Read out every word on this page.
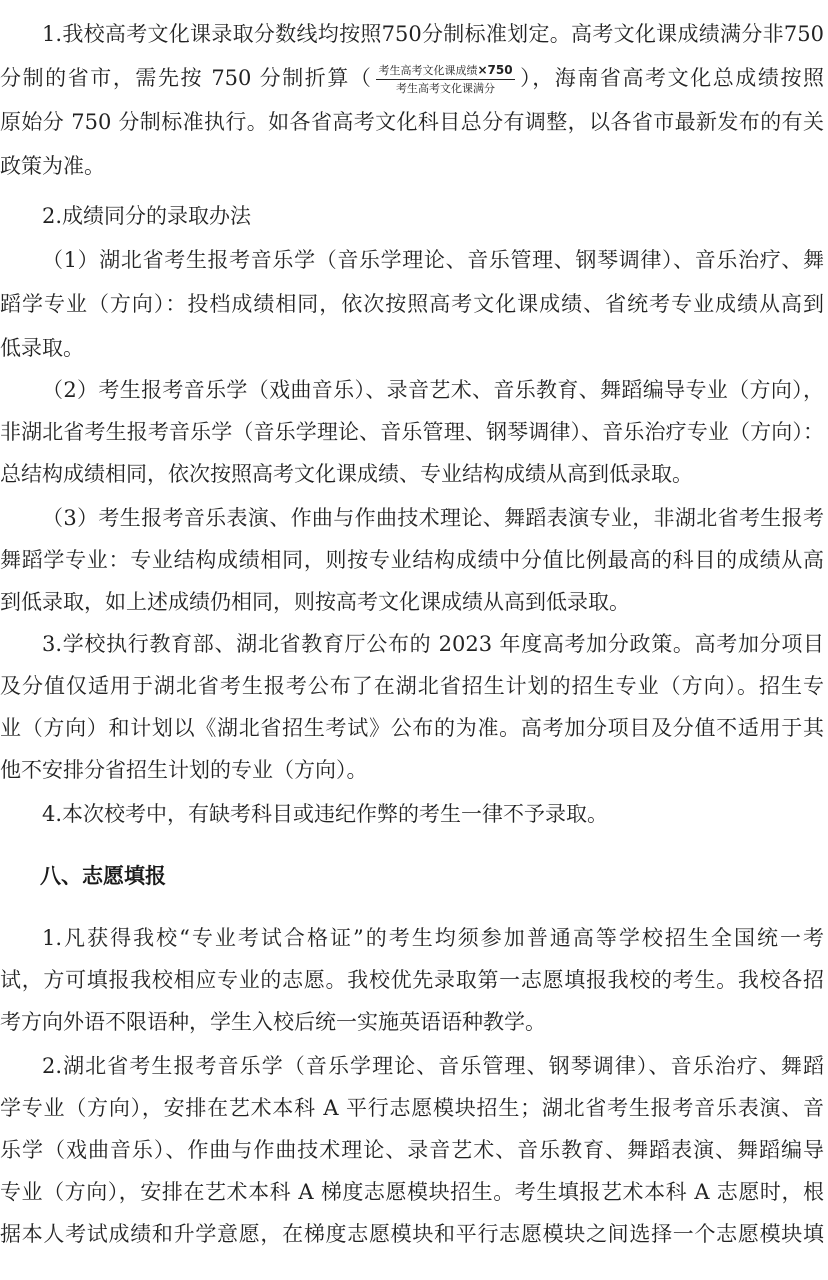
1.我校高考文化课录取分数线均按照750分制标准划定。高考文化课成绩满分非750
分制的省市，需先按 750 分制折算（ $\frac{\text{考生高考文化课成绩×750}}{\text{考生高考文化课满分}}$ ），海南省高考文化总成绩按照
原始分 750 分制标准执行。如各省高考文化科目总分有调整，以各省市最新发布的有关
政策为准。
2.成绩同分的录取办法
（1）湖北省考生报考音乐学（音乐学理论、音乐管理、钢琴调律）、音乐治疗、舞
蹈学专业（方向）：投档成绩相同，依次按照高考文化课成绩、省统考专业成绩从高到
低录取。
（2）考生报考音乐学（戏曲音乐）、录音艺术、音乐教育、舞蹈编导专业（方向），
非湖北省考生报考音乐学（音乐学理论、音乐管理、钢琴调律）、音乐治疗专业（方向）：
总结构成绩相同，依次按照高考文化课成绩、专业结构成绩从高到低录取。
（3）考生报考音乐表演、作曲与作曲技术理论、舞蹈表演专业，非湖北省考生报考
舞蹈学专业：专业结构成绩相同，则按专业结构成绩中分值比例最高的科目的成绩从高
到低录取，如上述成绩仍相同，则按高考文化课成绩从高到低录取。
3.学校执行教育部、湖北省教育厅公布的 2023 年度高考加分政策。高考加分项目
及分值仅适用于湖北省考生报考公布了在湖北省招生计划的招生专业（方向）。招生专
业（方向）和计划以《湖北省招生考试》公布的为准。高考加分项目及分值不适用于其
他不安排分省招生计划的专业（方向）。
4.本次校考中，有缺考科目或违纪作弊的考生一律不予录取。
八、志愿填报
1.凡获得我校“专业考试合格证”的考生均须参加普通高等学校招生全国统一考
试，方可填报我校相应专业的志愿。我校优先录取第一志愿填报我校的考生。我校各招
考方向外语不限语种，学生入校后统一实施英语语种教学。
2.湖北省考生报考音乐学（音乐学理论、音乐管理、钢琴调律）、音乐治疗、舞蹈
学专业（方向），安排在艺术本科 A 平行志愿模块招生；湖北省考生报考音乐表演、音
乐学（戏曲音乐）、作曲与作曲技术理论、录音艺术、音乐教育、舞蹈表演、舞蹈编导
专业（方向），安排在艺术本科 A 梯度志愿模块招生。考生填报艺术本科 A 志愿时，根
据本人考试成绩和升学意愿，在梯度志愿模块和平行志愿模块之间选择一个志愿模块填
